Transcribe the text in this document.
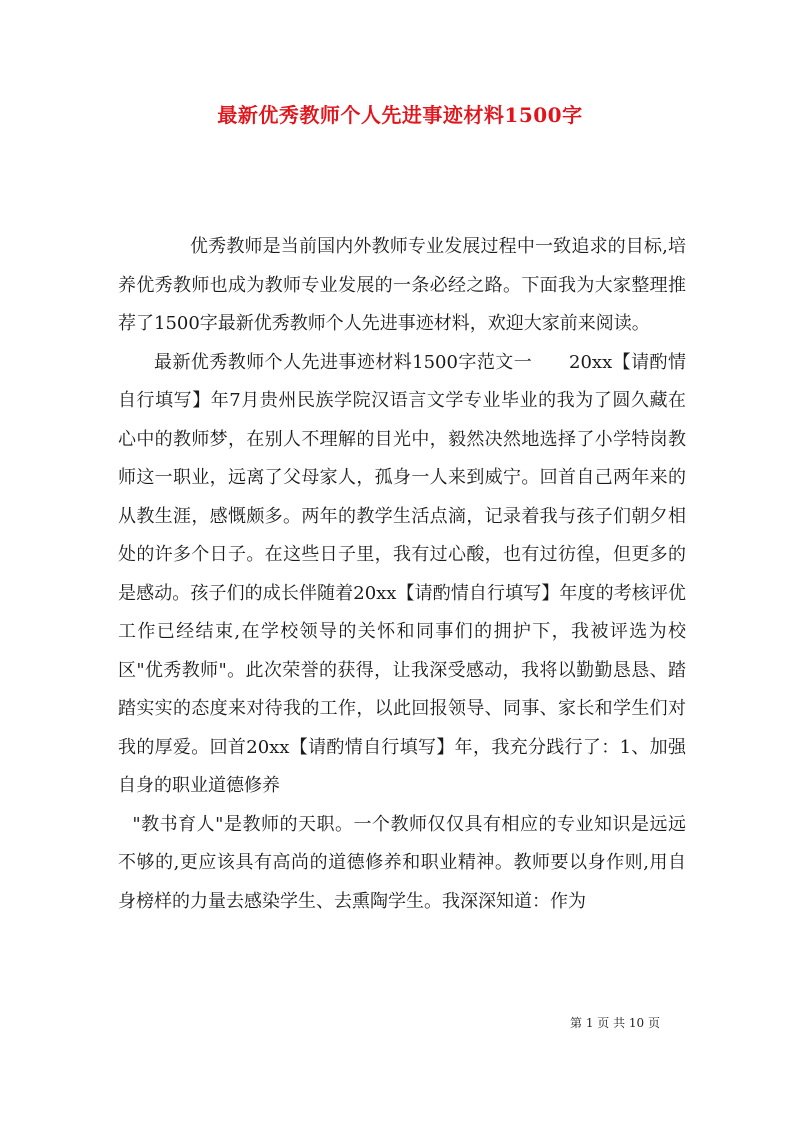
最新优秀教师个人先进事迹材料1500字

优秀教师是当前国内外教师专业发展过程中一致追求的目标,培养优秀教师也成为教师专业发展的一条必经之路。下面我为大家整理推荐了1500字最新优秀教师个人先进事迹材料，欢迎大家前来阅读。

最新优秀教师个人先进事迹材料1500字范文一　　20xx【请酌情自行填写】年7月贵州民族学院汉语言文学专业毕业的我为了圆久藏在心中的教师梦，在别人不理解的目光中，毅然决然地选择了小学特岗教师这一职业，远离了父母家人，孤身一人来到威宁。回首自己两年来的从教生涯，感慨颇多。两年的教学生活点滴，记录着我与孩子们朝夕相处的许多个日子。在这些日子里，我有过心酸，也有过彷徨，但更多的是感动。孩子们的成长伴随着20xx【请酌情自行填写】年度的考核评优工作已经结束,在学校领导的关怀和同事们的拥护下，我被评选为校区"优秀教师"。此次荣誉的获得，让我深受感动，我将以勤勤恳恳、踏踏实实的态度来对待我的工作，以此回报领导、同事、家长和学生们对我的厚爱。回首20xx【请酌情自行填写】年，我充分践行了：1、加强自身的职业道德修养

"教书育人"是教师的天职。一个教师仅仅具有相应的专业知识是远远不够的,更应该具有高尚的道德修养和职业精神。教师要以身作则,用自身榜样的力量去感染学生、去熏陶学生。我深深知道：作为

第 1 页 共 10 页
